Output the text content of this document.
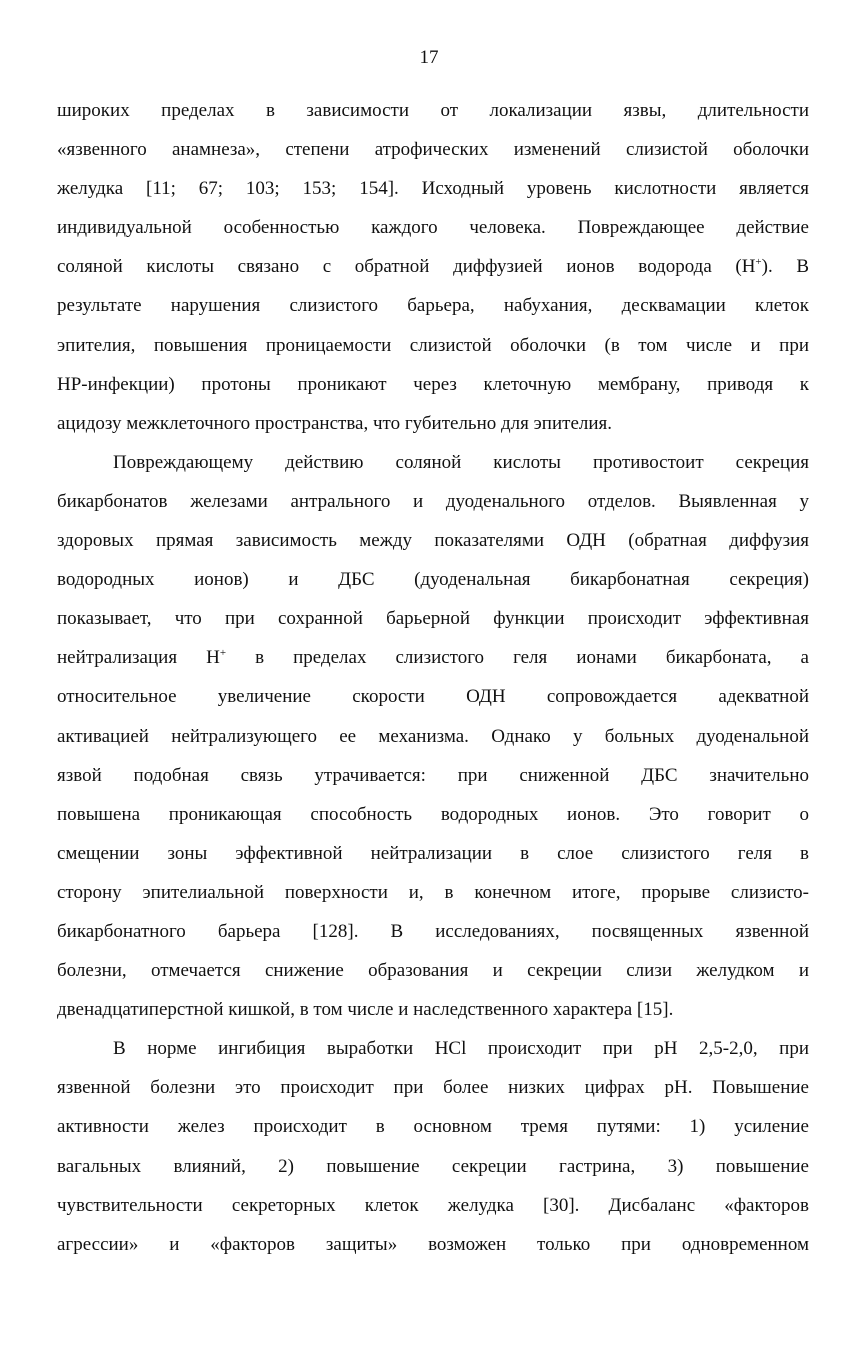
17
широких пределах в зависимости от локализации язвы, длительности
«язвенного анамнеза», степени атрофических изменений слизистой оболочки
желудка [11; 67; 103; 153; 154]. Исходный уровень кислотности является
индивидуальной особенностью каждого человека. Повреждающее действие
соляной кислоты связано с обратной диффузией ионов водорода (H+). В
результате нарушения слизистого барьера, набухания, десквамации клеток
эпителия, повышения проницаемости слизистой оболочки (в том числе и при
HP-инфекции) протоны проникают через клеточную мембрану, приводя к
ацидозу межклеточного пространства, что губительно для эпителия.
Повреждающему действию соляной кислоты противостоит секреция
бикарбонатов железами антрального и дуоденального отделов. Выявленная у
здоровых прямая зависимость между показателями ОДН (обратная диффузия
водородных ионов) и ДБС (дуоденальная бикарбонатная секреция)
показывает, что при сохранной барьерной функции происходит эффективная
нейтрализация H+ в пределах слизистого геля ионами бикарбоната, а
относительное увеличение скорости ОДН сопровождается адекватной
активацией нейтрализующего ее механизма. Однако у больных дуоденальной
язвой подобная связь утрачивается: при сниженной ДБС значительно
повышена проникающая способность водородных ионов. Это говорит о
смещении зоны эффективной нейтрализации в слое слизистого геля в
сторону эпителиальной поверхности и, в конечном итоге, прорыве слизисто-
бикарбонатного барьера [128]. В исследованиях, посвященных язвенной
болезни, отмечается снижение образования и секреции слизи желудком и
двенадцатиперстной кишкой, в том числе и наследственного характера [15].
В норме ингибиция выработки HCl происходит при pH 2,5-2,0, при
язвенной болезни это происходит при более низких цифрах pH. Повышение
активности желез происходит в основном тремя путями: 1) усиление
вагальных влияний, 2) повышение секреции гастрина, 3) повышение
чувствительности секреторных клеток желудка [30]. Дисбаланс «факторов
агрессии» и «факторов защиты» возможен только при одновременном
